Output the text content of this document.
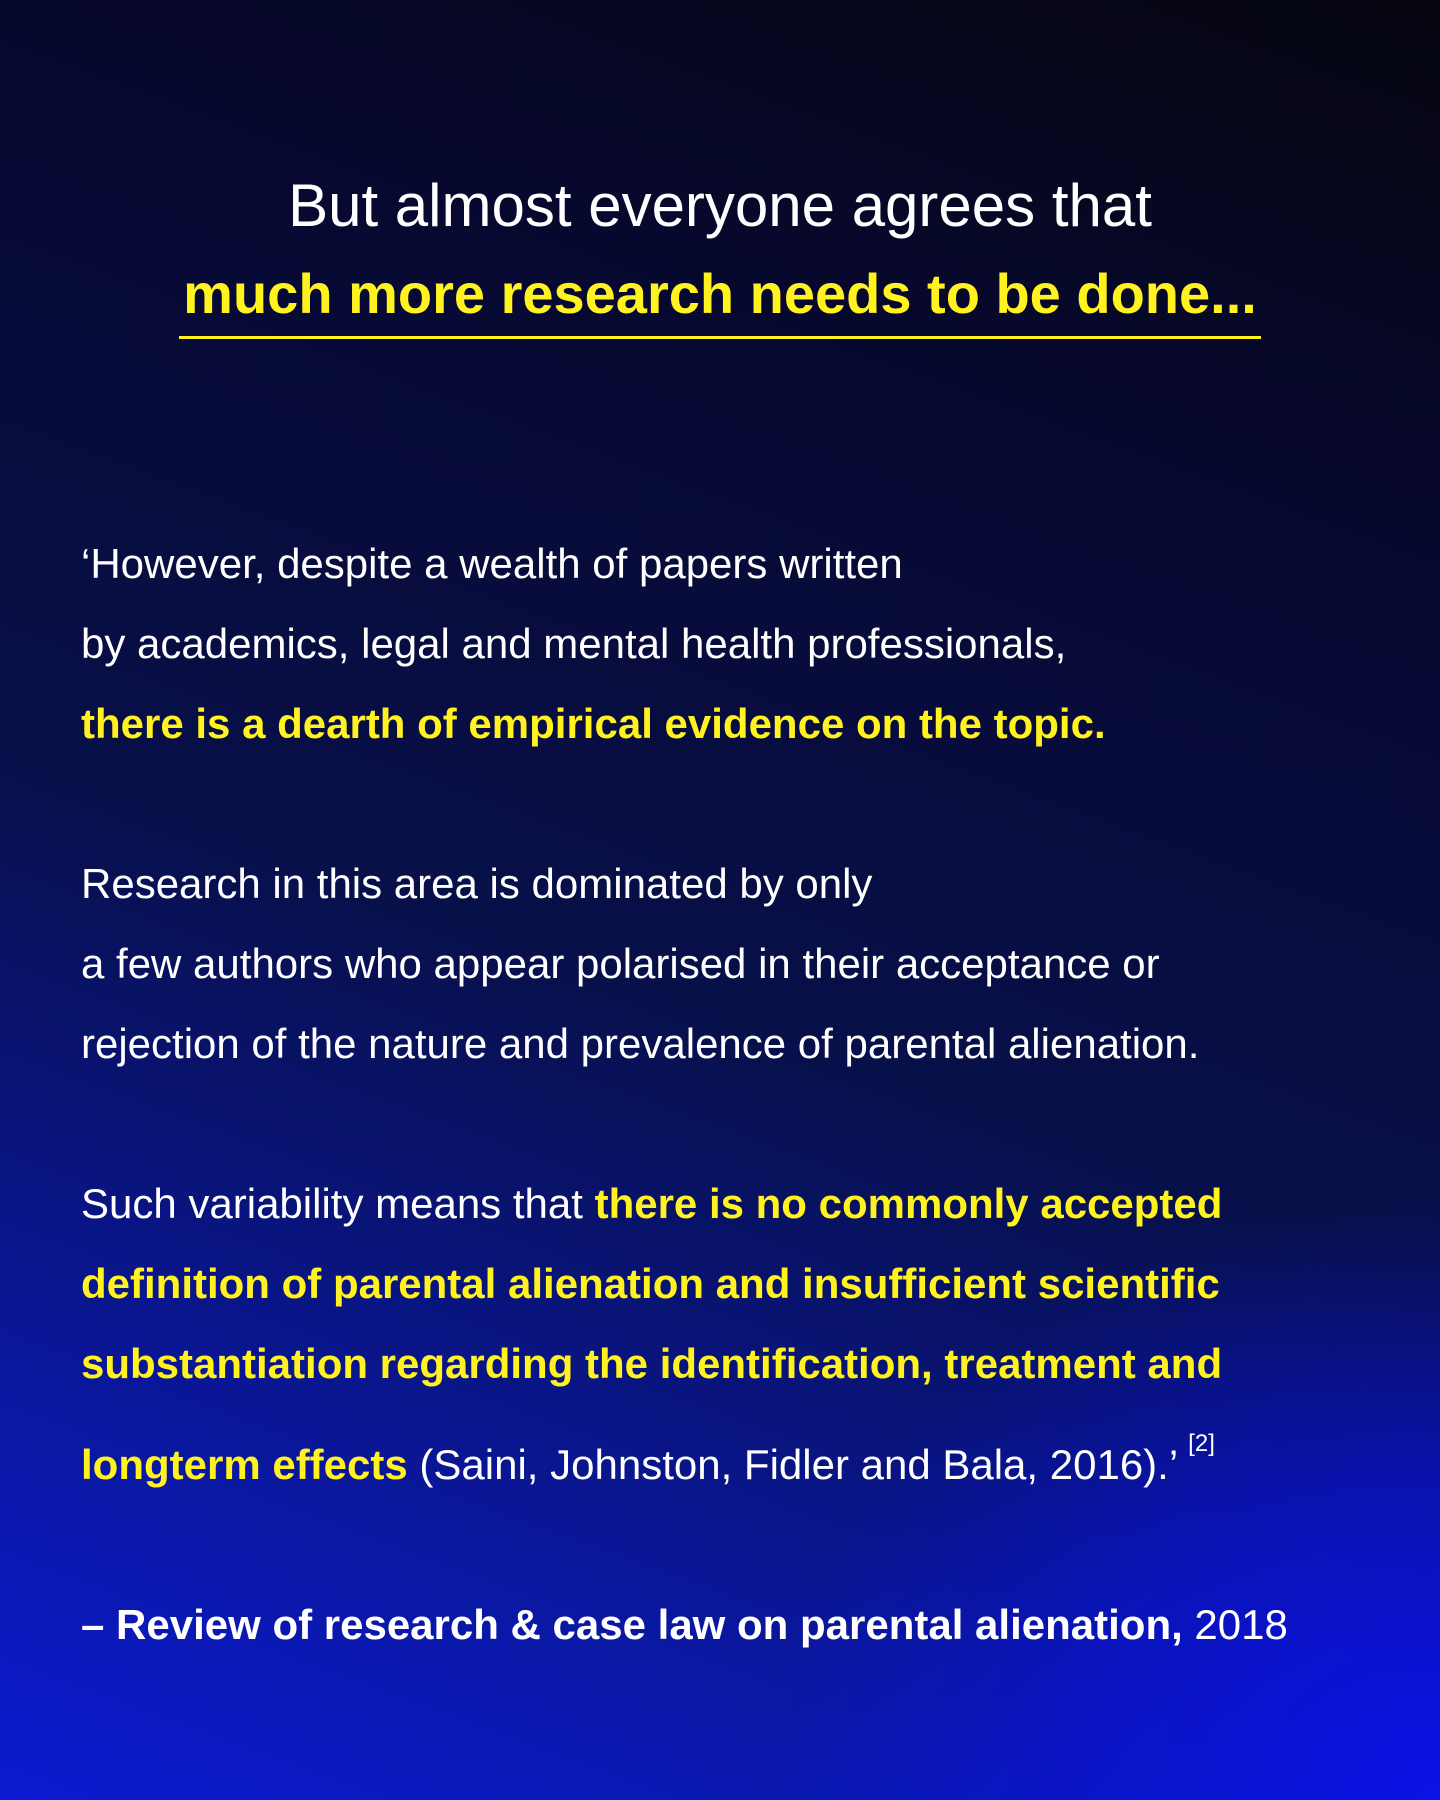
But almost everyone agrees that
much more research needs to be done...

‘However, despite a wealth of papers written
by academics, legal and mental health professionals,
there is a dearth of empirical evidence on the topic.

Research in this area is dominated by only
a few authors who appear polarised in their acceptance or
rejection of the nature and prevalence of parental alienation.

Such variability means that there is no commonly accepted
definition of parental alienation and insufficient scientific
substantiation regarding the identification, treatment and
longterm effects (Saini, Johnston, Fidler and Bala, 2016).’ [2]

– Review of research & case law on parental alienation, 2018
